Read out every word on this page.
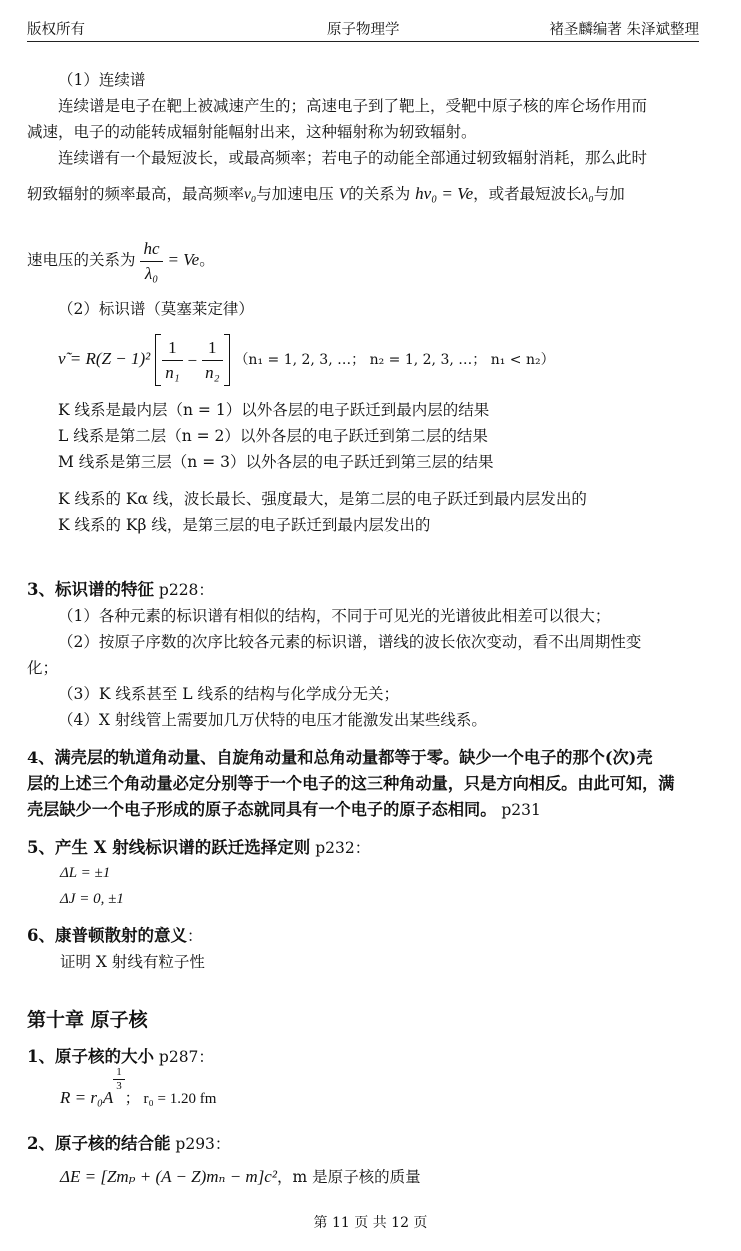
版权所有	原子物理学	褚圣麟编著 朱泽斌整理
（1）连续谱
连续谱是电子在靶上被减速产生的；高速电子到了靶上，受靶中原子核的库仑场作用而
减速，电子的动能转成辐射能幅射出来，这种辐射称为轫致辐射。
连续谱有一个最短波长，或最高频率；若电子的动能全部通过轫致辐射消耗，那么此时
轫致辐射的频率最高，最高频率ν₀与加速电压 V的关系为 hν₀ = Ve，或者最短波长λ₀与加
速电压的关系为 $\frac{hc}{\text{λ₀}} = Ve$。
（2）标识谱（莫塞莱定律）
ν̃ = $R(Z - 1)^2 \frac{1}{\text{n₁}} - \frac{1}{\text{n₂}} (n_1 = 1$, 2, 3, …； n₂ = 1, 2, 3, …； n₁ < n₂）
K 线系是最内层（n = 1）以外各层的电子跃迁到最内层的结果
L 线系是第二层（n = 2）以外各层的电子跃迁到第二层的结果
M 线系是第三层（n = 3）以外各层的电子跃迁到第三层的结果
K 线系的 Kα 线，波长最长、强度最大，是第二层的电子跃迁到最内层发出的
K 线系的 Kβ 线，是第三层的电子跃迁到最内层发出的
3、标识谱的特征 p228：
（1）各种元素的标识谱有相似的结构，不同于可见光的光谱彼此相差可以很大；
（2）按原子序数的次序比较各元素的标识谱，谱线的波长依次变动，看不出周期性变
化；
（3）K 线系甚至 L 线系的结构与化学成分无关；
（4）X 射线管上需要加几万伏特的电压才能激发出某些线系。
4、满壳层的轨道角动量、自旋角动量和总角动量都等于零。缺少一个电子的那个(次)壳
层的上述三个角动量必定分别等于一个电子的这三种角动量，只是方向相反。由此可知，满
壳层缺少一个电子形成的原子态就同具有一个电子的原子态相同。 p231
5、产生 X 射线标识谱的跃迁选择定则 p232：
ΔL = ±1
ΔJ = 0, ±1
6、康普顿散射的意义：
证明 X 射线有粒子性
第十章 原子核
1、原子核的大小 p287：
R = r₀A
$\frac{1}{3}$
； r₀ = 1.20 fm
2、原子核的结合能 p293：
ΔE = [Zmₚ + (A − Z)mₙ − m]c²，m 是原子核的质量
第 11 页 共 12 页
